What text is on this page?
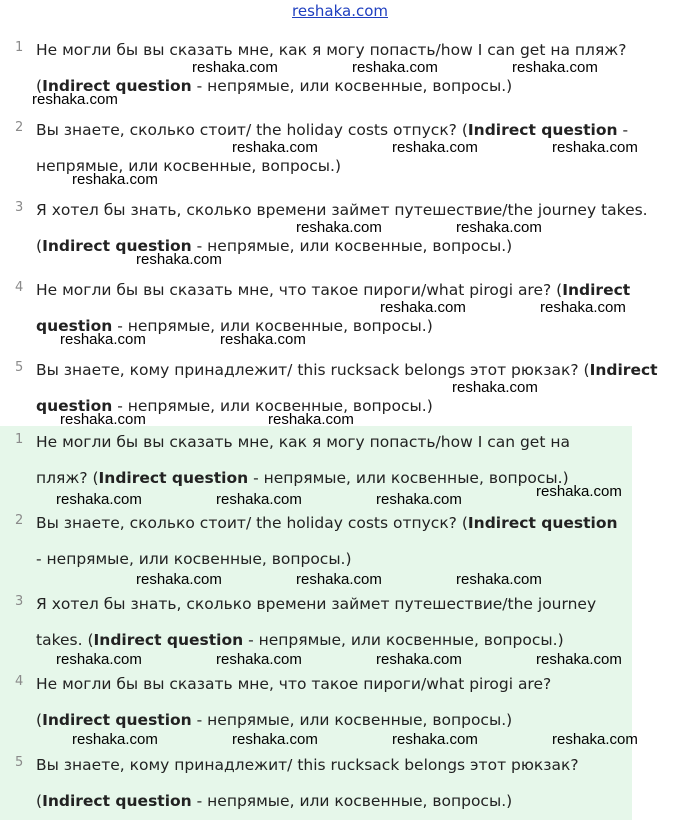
reshaka.com
1 Не могли бы вы сказать мне, как я могу попасть/how I can get на пляж?
(Indirect question - непрямые, или косвенные, вопросы.)
2 Вы знаете, сколько стоит/ the holiday costs отпуск? (Indirect question -
непрямые, или косвенные, вопросы.)
3 Я хотел бы знать, сколько времени займет путешествие/the journey takes.
(Indirect question - непрямые, или косвенные, вопросы.)
4 Не могли бы вы сказать мне, что такое пироги/what pirogi are? (Indirect
question - непрямые, или косвенные, вопросы.)
5 Вы знаете, кому принадлежит/ this rucksack belongs этот рюкзак? (Indirect
question - непрямые, или косвенные, вопросы.)
1 Не могли бы вы сказать мне, как я могу попасть/how I can get на
пляж? (Indirect question - непрямые, или косвенные, вопросы.)
2 Вы знаете, сколько стоит/ the holiday costs отпуск? (Indirect question
- непрямые, или косвенные, вопросы.)
3 Я хотел бы знать, сколько времени займет путешествие/the journey
takes. (Indirect question - непрямые, или косвенные, вопросы.)
4 Не могли бы вы сказать мне, что такое пироги/what pirogi are?
(Indirect question - непрямые, или косвенные, вопросы.)
5 Вы знаете, кому принадлежит/ this rucksack belongs этот рюкзак?
(Indirect question - непрямые, или косвенные, вопросы.)
reshaka.com	reshaka.com	reshaka.com
reshaka.com
reshaka.com	reshaka.com	reshaka.com
reshaka.com
reshaka.com	reshaka.com
reshaka.com
reshaka.com	reshaka.com
reshaka.com	reshaka.com
reshaka.com
reshaka.com	reshaka.com
reshaka.com
reshaka.com	reshaka.com	reshaka.com
reshaka.com	reshaka.com	reshaka.com
reshaka.com	reshaka.com	reshaka.com	reshaka.com
reshaka.com	reshaka.com	reshaka.com	reshaka.com
